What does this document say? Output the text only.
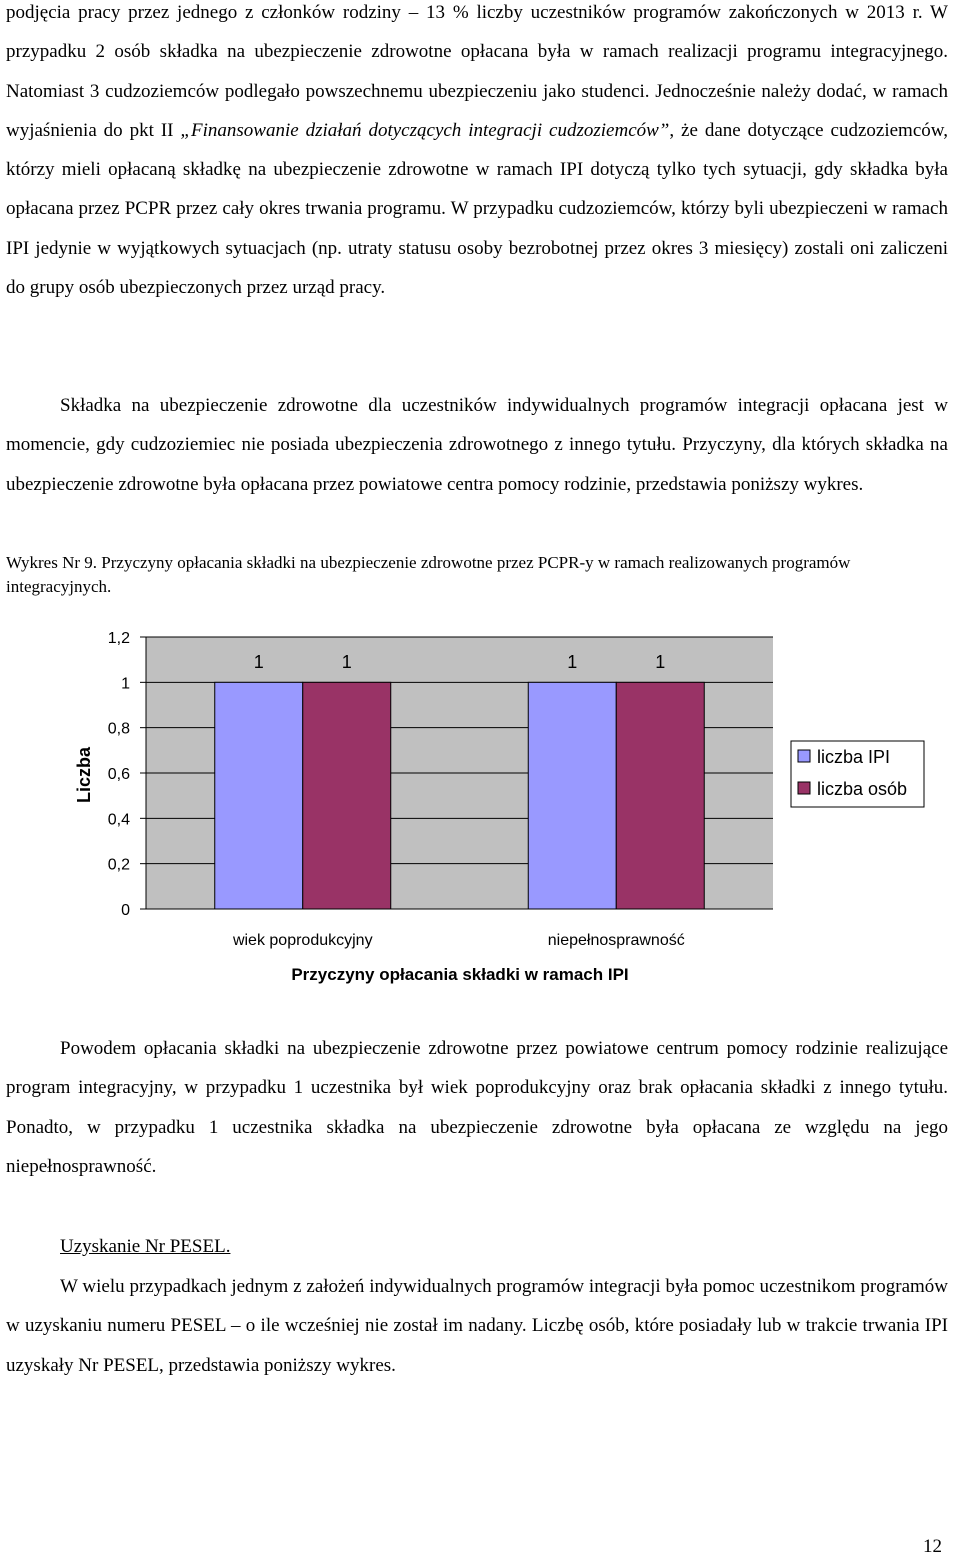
podjęcia pracy przez jednego z członków rodziny – 13 % liczby uczestników programów zakończonych w 2013 r. W przypadku 2 osób składka na ubezpieczenie zdrowotne opłacana była w ramach realizacji programu integracyjnego. Natomiast 3 cudzoziemców podlegało powszechnemu ubezpieczeniu jako studenci. Jednocześnie należy dodać, w ramach wyjaśnienia do pkt II „Finansowanie działań dotyczących integracji cudzoziemców”, że dane dotyczące cudzoziemców, którzy mieli opłacaną składkę na ubezpieczenie zdrowotne w ramach IPI dotyczą tylko tych sytuacji, gdy składka była opłacana przez PCPR przez cały okres trwania programu. W przypadku cudzoziemców, którzy byli ubezpieczeni w ramach IPI jedynie w wyjątkowych sytuacjach (np. utraty statusu osoby bezrobotnej przez okres 3 miesięcy) zostali oni zaliczeni do grupy osób ubezpieczonych przez urząd pracy.

Składka na ubezpieczenie zdrowotne dla uczestników indywidualnych programów integracji opłacana jest w momencie, gdy cudzoziemiec nie posiada ubezpieczenia zdrowotnego z innego tytułu. Przyczyny, dla których składka na ubezpieczenie zdrowotne była opłacana przez powiatowe centra pomocy rodzinie, przedstawia poniższy wykres.

Wykres Nr 9. Przyczyny opłacania składki na ubezpieczenie zdrowotne przez PCPR-y w ramach realizowanych programów integracyjnych.

0
0,2
0,4
0,6
0,8
1
1,2
1	1
wiek poprodukcyjny
1	1
niepełnosprawność
Przyczyny opłacania składki w ramach IPI
Liczba	liczba IPI
liczba osób

Powodem opłacania składki na ubezpieczenie zdrowotne przez powiatowe centrum pomocy rodzinie realizujące program integracyjny, w przypadku 1 uczestnika był wiek poprodukcyjny oraz brak opłacania składki z innego tytułu. Ponadto, w przypadku 1 uczestnika składka na ubezpieczenie zdrowotne była opłacana ze względu na jego niepełnosprawność.

Uzyskanie Nr PESEL.

W wielu przypadkach jednym z założeń indywidualnych programów integracji była pomoc uczestnikom programów w uzyskaniu numeru PESEL – o ile wcześniej nie został im nadany. Liczbę osób, które posiadały lub w trakcie trwania IPI uzyskały Nr PESEL, przedstawia poniższy wykres.

12
